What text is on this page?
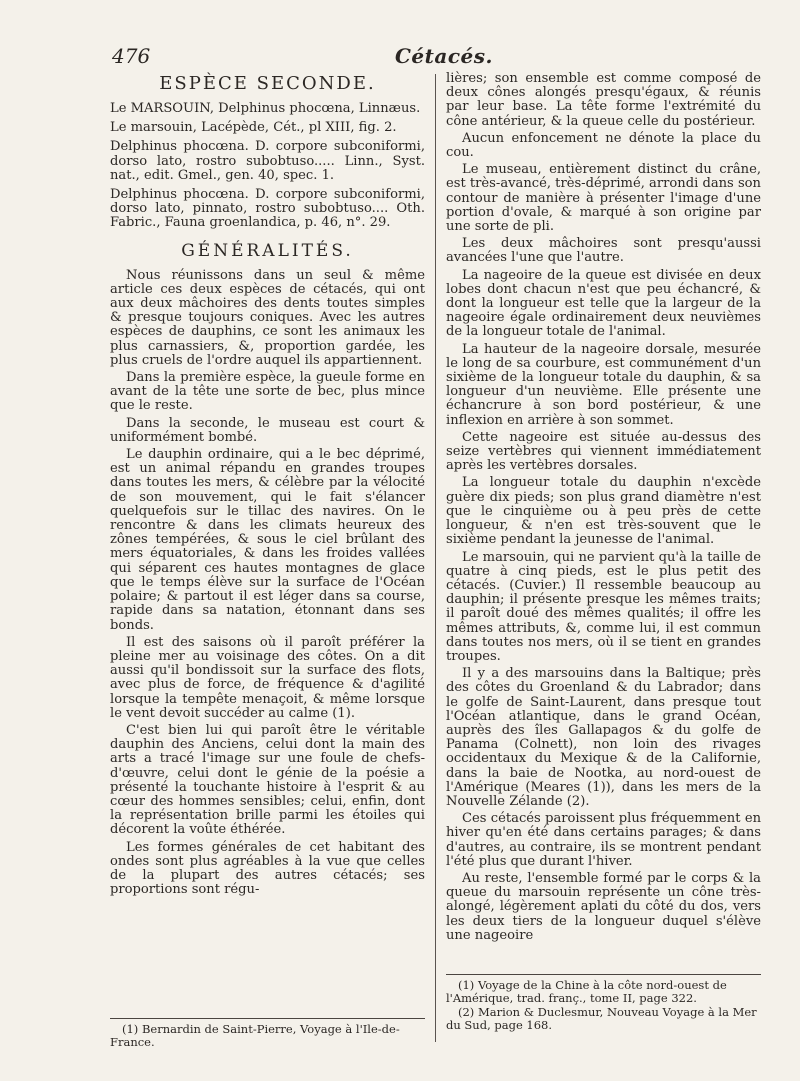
476	Cétacés.
ESPÈCE SECONDE.

Le MARSOUIN, Delphinus phocœna, Linnæus.

Le marsouin, Lacépède, Cét., pl XIII, fig. 2.

Delphinus phocœna. D. corpore subconiformi, dorso lato, rostro subobtuso..... Linn., Syst. nat., edit. Gmel., gen. 40, spec. 1.

Delphinus phocœna. D. corpore subconiformi, dorso lato, pinnato, rostro subobtuso.... Oth. Fabric., Fauna groenlandica, p. 46, n°. 29.

GÉNÉRALITÉS.

Nous réunissons dans un seul & même article ces deux espèces de cétacés, qui ont aux deux mâchoires des dents toutes simples & presque toujours coniques. Avec les autres espèces de dauphins, ce sont les animaux les plus carnassiers, &, proportion gardée, les plus cruels de l'ordre auquel ils appartiennent.

Dans la première espèce, la gueule forme en avant de la tête une sorte de bec, plus mince que le reste.

Dans la seconde, le museau est court & uniformément bombé.

Le dauphin ordinaire, qui a le bec déprimé, est un animal répandu en grandes troupes dans toutes les mers, & célèbre par la vélocité de son mouvement, qui le fait s'élancer quelquefois sur le tillac des navires. On le rencontre & dans les climats heureux des zônes tempérées, & sous le ciel brûlant des mers équatoriales, & dans les froides vallées qui séparent ces hautes montagnes de glace que le temps élève sur la surface de l'Océan polaire; & partout il est léger dans sa course, rapide dans sa natation, étonnant dans ses bonds.

Il est des saisons où il paroît préférer la pleine mer au voisinage des côtes. On a dit aussi qu'il bondissoit sur la surface des flots, avec plus de force, de fréquence & d'agilité lorsque la tempête menaçoit, & même lorsque le vent devoit succéder au calme (1).

C'est bien lui qui paroît être le véritable dauphin des Anciens, celui dont la main des arts a tracé l'image sur une foule de chefs-d'œuvre, celui dont le génie de la poésie a présenté la touchante histoire à l'esprit & au cœur des hommes sensibles; celui, enfin, dont la représentation brille parmi les étoiles qui décorent la voûte éthérée.

Les formes générales de cet habitant des ondes sont plus agréables à la vue que celles de la plupart des autres cétacés; ses proportions sont régu-

(1) Bernardin de Saint-Pierre, Voyage à l'Ile-de-France.

lières; son ensemble est comme composé de deux cônes alongés presqu'égaux, & réunis par leur base. La tête forme l'extrémité du cône antérieur, & la queue celle du postérieur.

Aucun enfoncement ne dénote la place du cou.

Le museau, entièrement distinct du crâne, est très-avancé, très-déprimé, arrondi dans son contour de manière à présenter l'image d'une portion d'ovale, & marqué à son origine par une sorte de pli.

Les deux mâchoires sont presqu'aussi avancées l'une que l'autre.

La nageoire de la queue est divisée en deux lobes dont chacun n'est que peu échancré, & dont la longueur est telle que la largeur de la nageoire égale ordinairement deux neuvièmes de la longueur totale de l'animal.

La hauteur de la nageoire dorsale, mesurée le long de sa courbure, est communément d'un sixième de la longueur totale du dauphin, & sa longueur d'un neuvième. Elle présente une échancrure à son bord postérieur, & une inflexion en arrière à son sommet.

Cette nageoire est située au-dessus des seize vertèbres qui viennent immédiatement après les vertèbres dorsales.

La longueur totale du dauphin n'excède guère dix pieds; son plus grand diamètre n'est que le cinquième ou à peu près de cette longueur, & n'en est très-souvent que le sixième pendant la jeunesse de l'animal.

Le marsouin, qui ne parvient qu'à la taille de quatre à cinq pieds, est le plus petit des cétacés. (Cuvier.) Il ressemble beaucoup au dauphin; il présente presque les mêmes traits; il paroît doué des mêmes qualités; il offre les mêmes attributs, &, comme lui, il est commun dans toutes nos mers, où il se tient en grandes troupes.

Il y a des marsouins dans la Baltique; près des côtes du Groenland & du Labrador; dans le golfe de Saint-Laurent, dans presque tout l'Océan atlantique, dans le grand Océan, auprès des îles Gallapagos & du golfe de Panama (Colnett), non loin des rivages occidentaux du Mexique & de la Californie, dans la baie de Nootka, au nord-ouest de l'Amérique (Meares (1)), dans les mers de la Nouvelle Zélande (2).

Ces cétacés paroissent plus fréquemment en hiver qu'en été dans certains parages; & dans d'autres, au contraire, ils se montrent pendant l'été plus que durant l'hiver.

Au reste, l'ensemble formé par le corps & la queue du marsouin représente un cône très-alongé, légèrement aplati du côté du dos, vers les deux tiers de la longueur duquel s'élève une nageoire

(1) Voyage de la Chine à la côte nord-ouest de l'Amérique, trad. franç., tome II, page 322.

(2) Marion & Duclesmur, Nouveau Voyage à la Mer du Sud, page 168.
